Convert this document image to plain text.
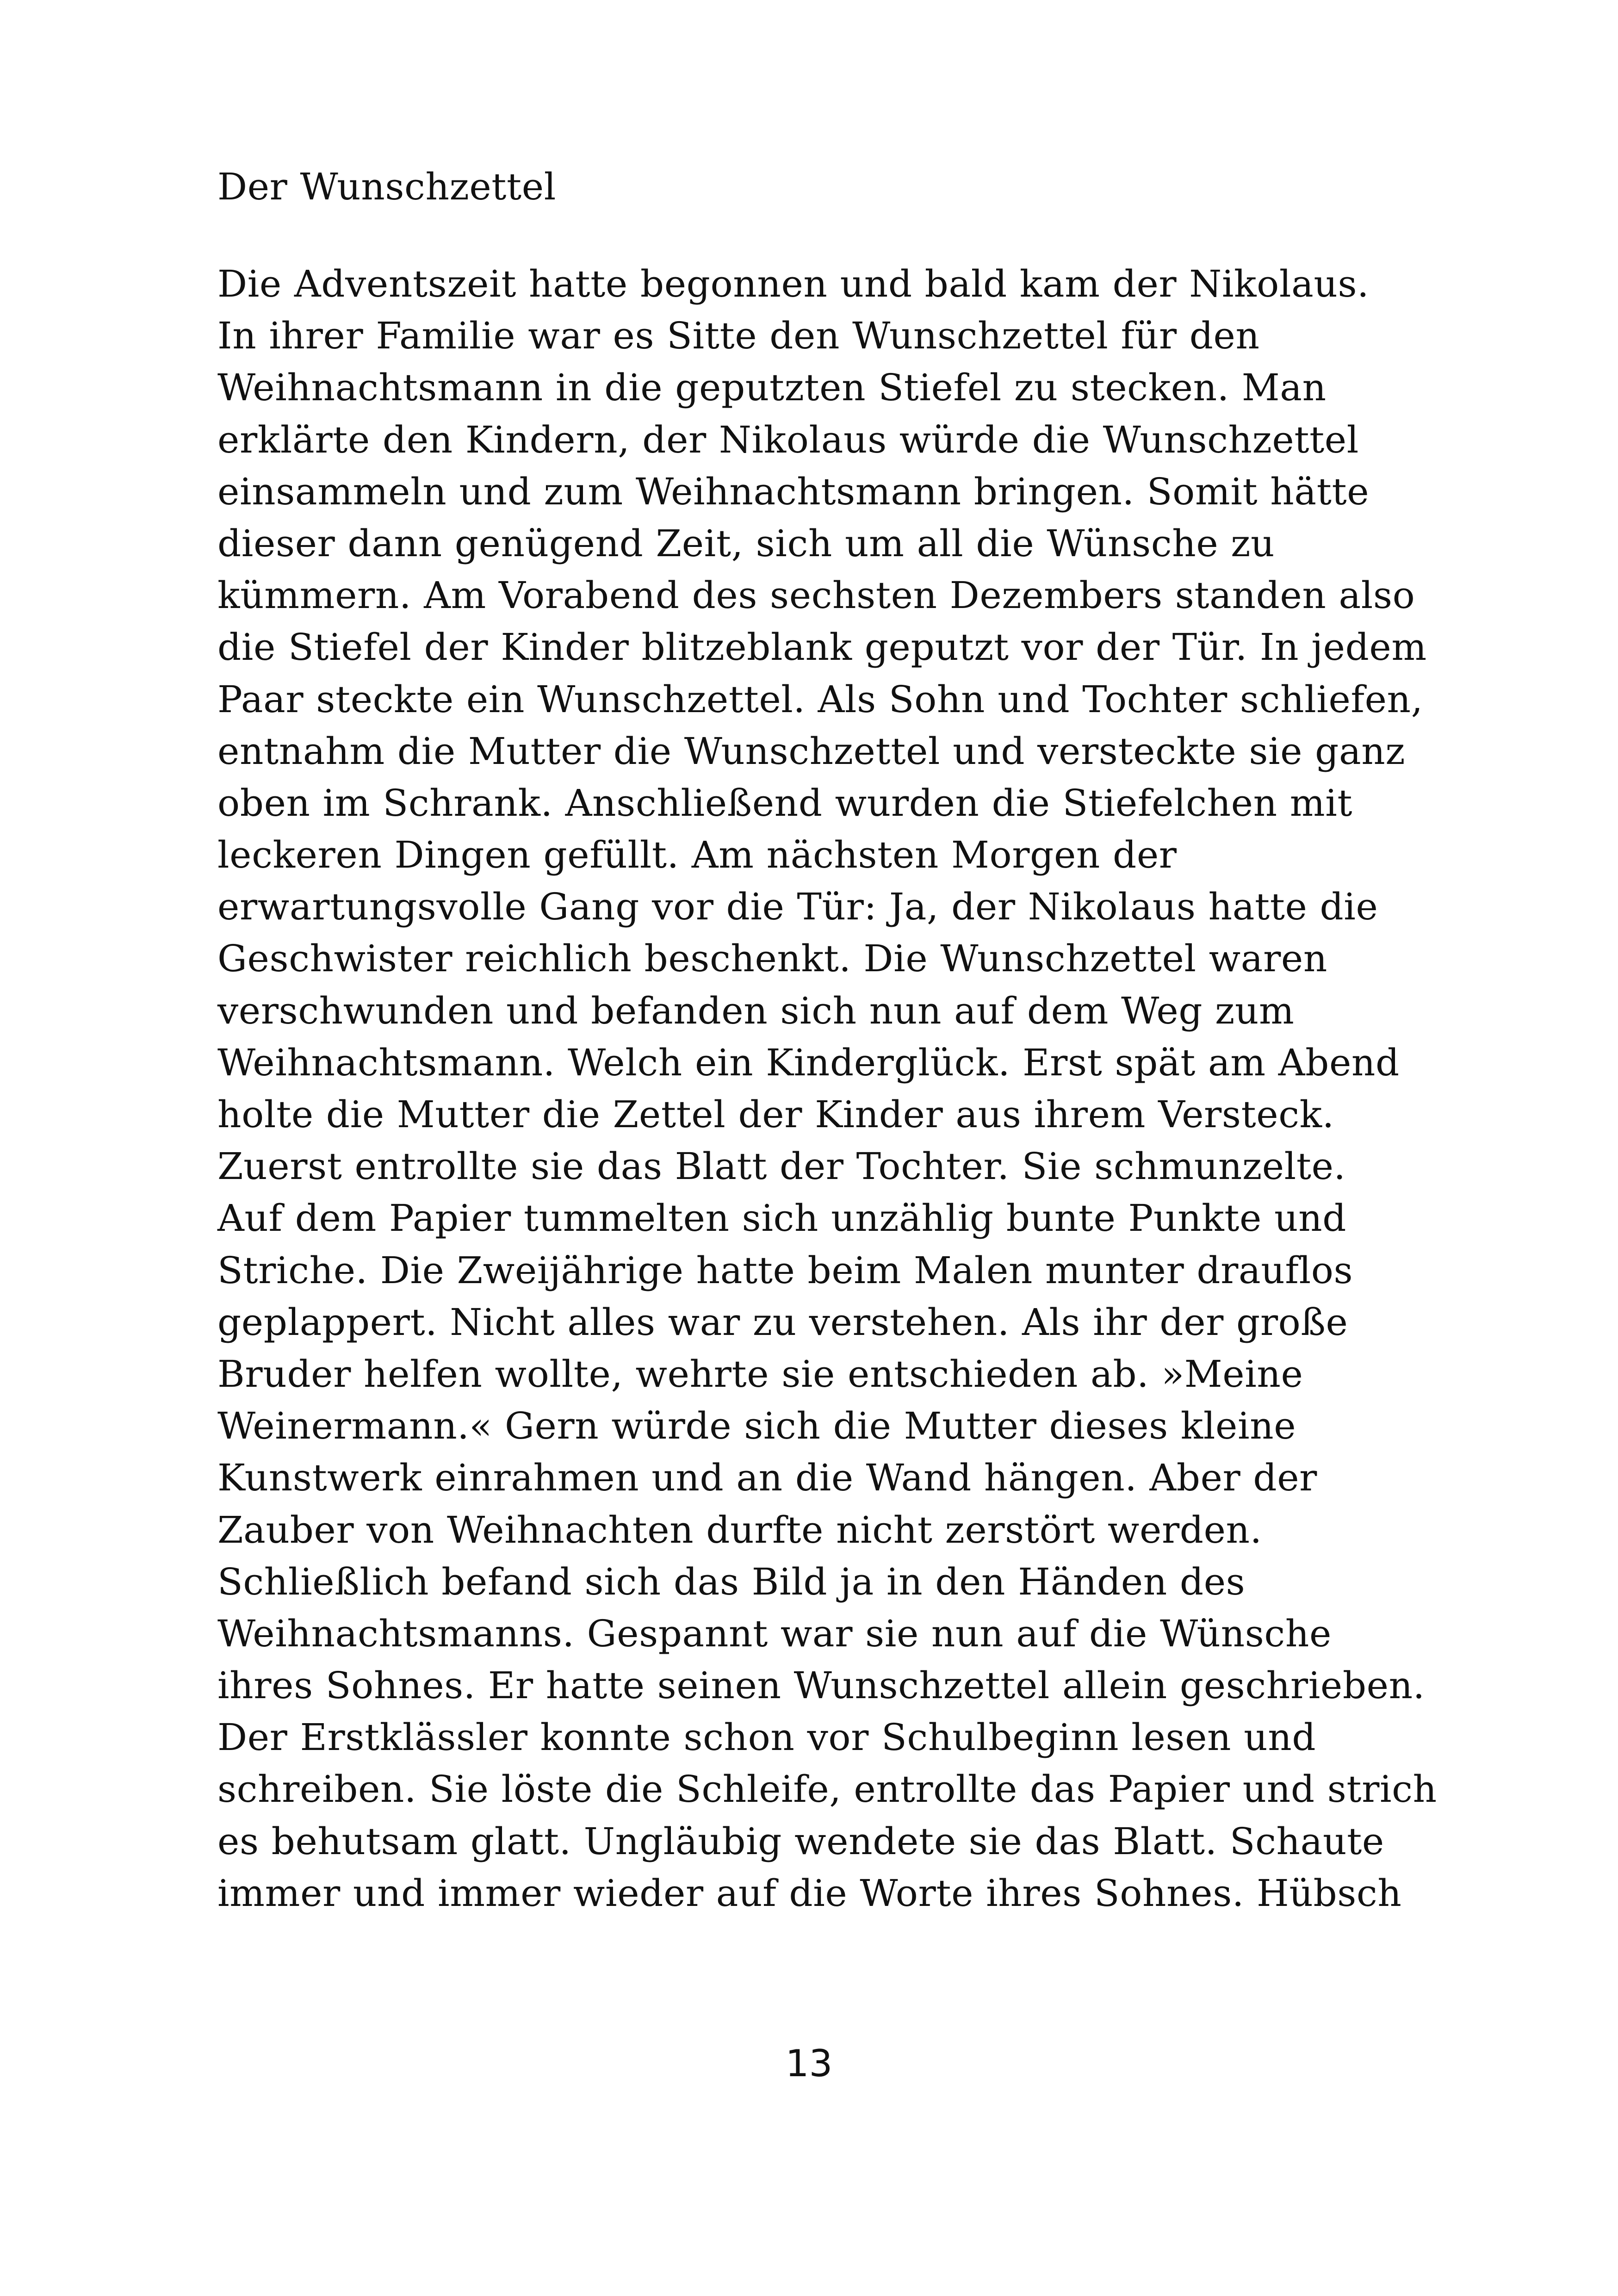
Der Wunschzettel

Die Adventszeit hatte begonnen und bald kam der Nikolaus.

In ihrer Familie war es Sitte den Wunschzettel für den

Weihnachtsmann in die geputzten Stiefel zu stecken. Man

erklärte den Kindern, der Nikolaus würde die Wunschzettel

einsammeln und zum Weihnachtsmann bringen. Somit hätte

dieser dann genügend Zeit, sich um all die Wünsche zu

kümmern. Am Vorabend des sechsten Dezembers standen also

die Stiefel der Kinder blitzeblank geputzt vor der Tür. In jedem

Paar steckte ein Wunschzettel. Als Sohn und Tochter schliefen,

entnahm die Mutter die Wunschzettel und versteckte sie ganz

oben im Schrank. Anschließend wurden die Stiefelchen mit

leckeren Dingen gefüllt. Am nächsten Morgen der

erwartungsvolle Gang vor die Tür: Ja, der Nikolaus hatte die

Geschwister reichlich beschenkt. Die Wunschzettel waren

verschwunden und befanden sich nun auf dem Weg zum

Weihnachtsmann. Welch ein Kinderglück. Erst spät am Abend

holte die Mutter die Zettel der Kinder aus ihrem Versteck.

Zuerst entrollte sie das Blatt der Tochter. Sie schmunzelte.

Auf dem Papier tummelten sich unzählig bunte Punkte und

Striche. Die Zweijährige hatte beim Malen munter drauflos

geplappert. Nicht alles war zu verstehen. Als ihr der große

Bruder helfen wollte, wehrte sie entschieden ab. »Meine

Weinermann.« Gern würde sich die Mutter dieses kleine

Kunstwerk einrahmen und an die Wand hängen. Aber der

Zauber von Weihnachten durfte nicht zerstört werden.

Schließlich befand sich das Bild ja in den Händen des

Weihnachtsmanns. Gespannt war sie nun auf die Wünsche

ihres Sohnes. Er hatte seinen Wunschzettel allein geschrieben.

Der Erstklässler konnte schon vor Schulbeginn lesen und

schreiben. Sie löste die Schleife, entrollte das Papier und strich

es behutsam glatt. Ungläubig wendete sie das Blatt. Schaute

immer und immer wieder auf die Worte ihres Sohnes. Hübsch

13
